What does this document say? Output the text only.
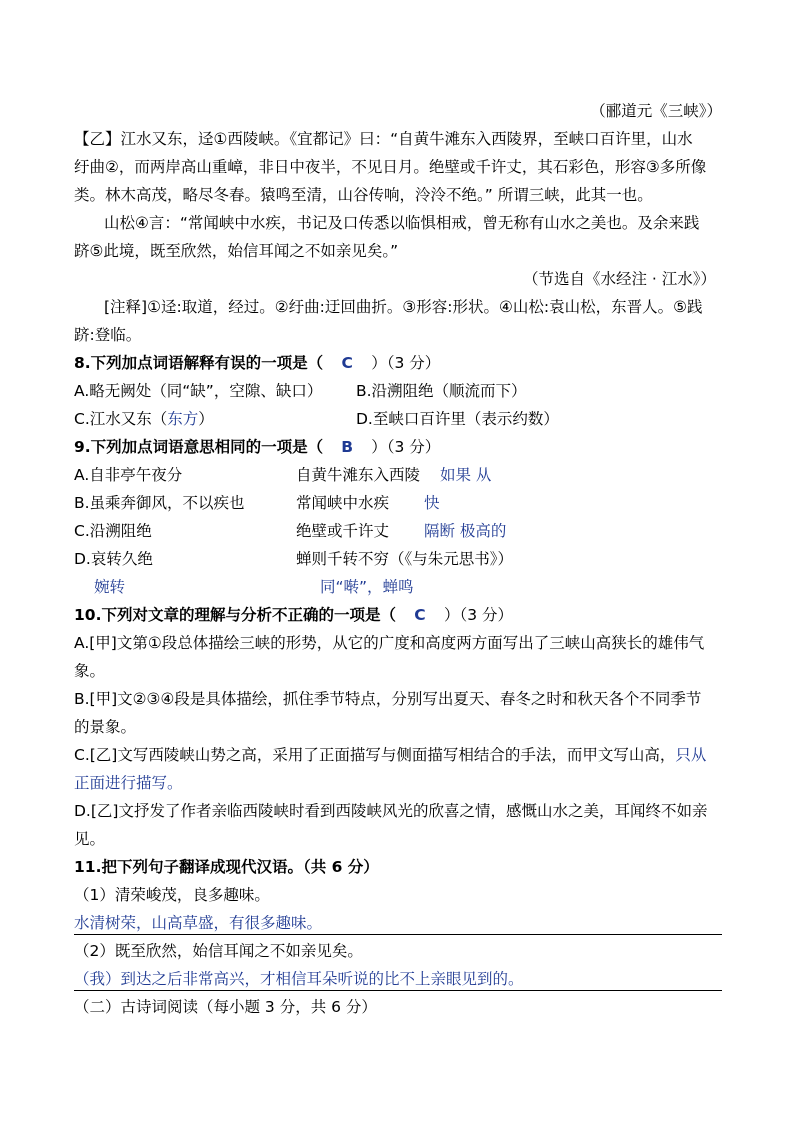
（郦道元《三峡》）
【乙】江水又东，迳①西陵峡。《宜都记》曰：“自黄牛滩东入西陵界，至峡口百许里，山水
纡曲②，而两岸高山重嶂，非日中夜半，不见日月。绝壁或千许丈，其石彩色，形容③多所像
类。林木高茂，略尽冬春。猿鸣至清，山谷传响，泠泠不绝。” 所谓三峡，此其一也。
山松④言：“常闻峡中水疾，书记及口传悉以临惧相戒，曾无称有山水之美也。及余来践
跻⑤此境，既至欣然，始信耳闻之不如亲见矣。”
（节选自《水经注 · 江水》）
[注释]①迳:取道，经过。②纡曲:迂回曲折。③形容:形状。④山松:袁山松，东晋人。⑤践
跻:登临。
8.下列加点词语解释有误的一项是（ C ）（3 分）
A.略无阙处（同“缺”，空隙、缺口） B.沿溯阻绝（顺流而下）
C.江水又东（东方）	D.至峡口百许里（表示约数）
9.下列加点词语意思相同的一项是（ B ）（3 分）
A.自非亭午夜分	自黄牛滩东入西陵 如果 从
B.虽乘奔御风，不以疾也	常闻峡中水疾 快
C.沿溯阻绝	绝壁或千许丈 隔断 极高的
D.哀转久绝	蝉则千转不穷（《与朱元思书》）
婉转	同“啭”，蝉鸣
10.下列对文章的理解与分析不正确的一项是（ C ）（3 分）
A.[甲]文第①段总体描绘三峡的形势，从它的广度和高度两方面写出了三峡山高狭长的雄伟气
象。
B.[甲]文②③④段是具体描绘，抓住季节特点，分别写出夏天、春冬之时和秋天各个不同季节
的景象。
C.[乙]文写西陵峡山势之高，采用了正面描写与侧面描写相结合的手法，而甲文写山高，只从
正面进行描写。
D.[乙]文抒发了作者亲临西陵峡时看到西陵峡风光的欣喜之情，感慨山水之美，耳闻终不如亲
见。
11.把下列句子翻译成现代汉语。（共 6 分）
（1）清荣峻茂，良多趣味。
水清树荣，山高草盛，有很多趣味。
（2）既至欣然，始信耳闻之不如亲见矣。
（我）到达之后非常高兴，才相信耳朵听说的比不上亲眼见到的。
（二）古诗词阅读（每小题 3 分，共 6 分）
